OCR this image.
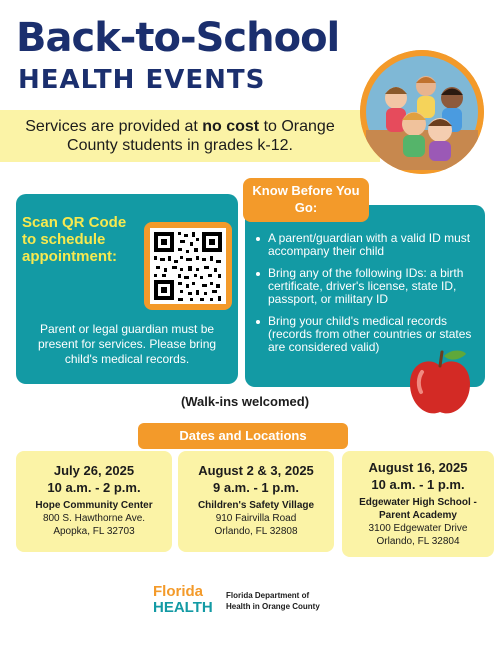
Back-to-School
HEALTH EVENTS

Services are provided at no cost to Orange County students in grades k-12.

Scan QR Code to schedule appointment:

Parent or legal guardian must be present for services. Please bring child's medical records.

Know Before You Go:
A parent/guardian with a valid ID must accompany their child
Bring any of the following IDs: a birth certificate, driver's license, state ID, passport, or military ID
Bring your child's medical records (records from other countries or states are considered valid)

(Walk-ins welcomed)

Dates and Locations
July 26, 2025
10 a.m. - 2 p.m.
Hope Community Center
800 S. Hawthorne Ave.
Apopka, FL 32703
August 2 & 3, 2025
9 a.m. - 1 p.m.
Children's Safety Village
910 Fairvilla Road
Orlando, FL 32808
August 16, 2025
10 a.m. - 1 p.m.
Edgewater High School - Parent Academy
3100 Edgewater Drive
Orlando, FL 32804
Florida
HEALTH

Florida Department of
Health in Orange County
